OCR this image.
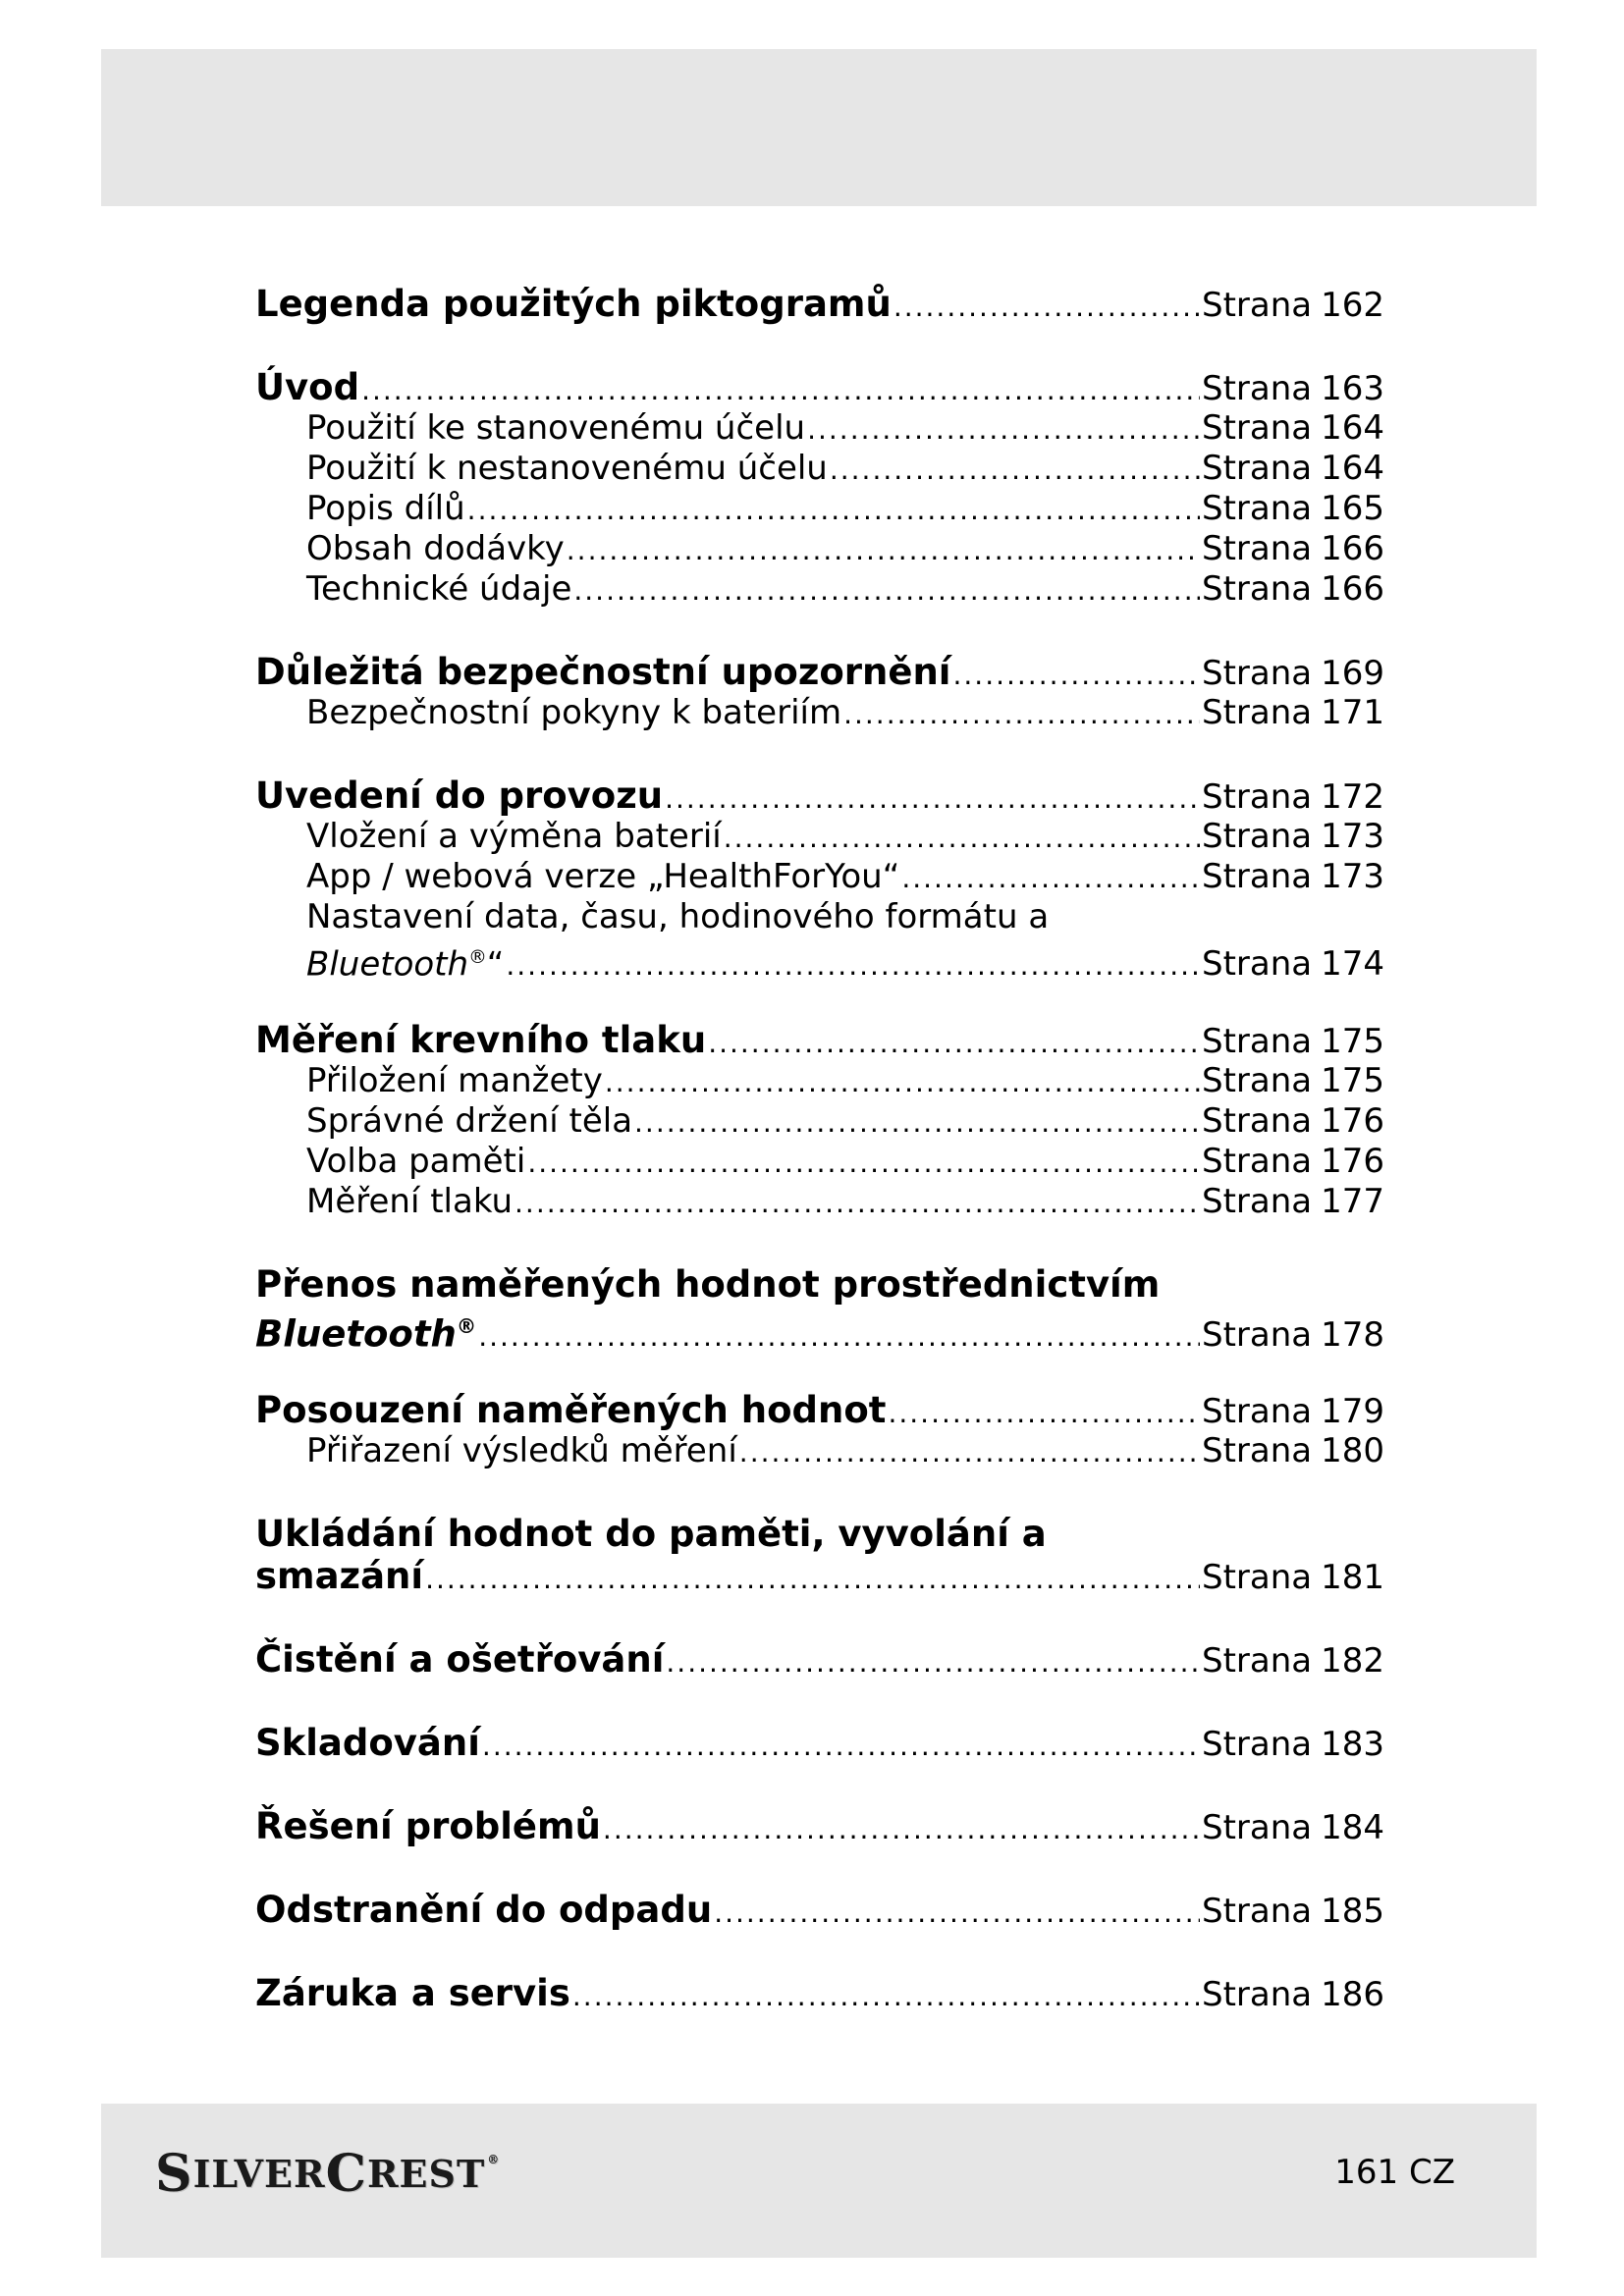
Legenda použitých piktogramů .....	Strana 162
Úvod .....	Strana 163
Použití ke stanovenému účelu .....	Strana 164
Použití k nestanovenému účelu .....	Strana 164
Popis dílů .....	Strana 165
Obsah dodávky .....	Strana 166
Technické údaje .....	Strana 166
Důležitá bezpečnostní upozornění .....	Strana 169
Bezpečnostní pokyny k bateriím .....	Strana 171
Uvedení do provozu .....	Strana 172
Vložení a výměna baterií .....	Strana 173
App / webová verze „HealthForYou“ .....	Strana 173
Nastavení data, času, hodinového formátu a
Bluetooth®“ .....	Strana 174
Měření krevního tlaku .....	Strana 175
Přiložení manžety .....	Strana 175
Správné držení těla .....	Strana 176
Volba paměti .....	Strana 176
Měření tlaku .....	Strana 177
Přenos naměřených hodnot prostřednictvím
Bluetooth® .....	Strana 178
Posouzení naměřených hodnot .....	Strana 179
Přiřazení výsledků měření .....	Strana 180
Ukládání hodnot do paměti, vyvolání a
smazání .....	Strana 181
Čistění a ošetřování .....	Strana 182
Skladování .....	Strana 183
Řešení problémů .....	Strana 184
Odstranění do odpadu .....	Strana 185
Záruka a servis .....	Strana 186
S ILVER C REST ®	161 CZ
